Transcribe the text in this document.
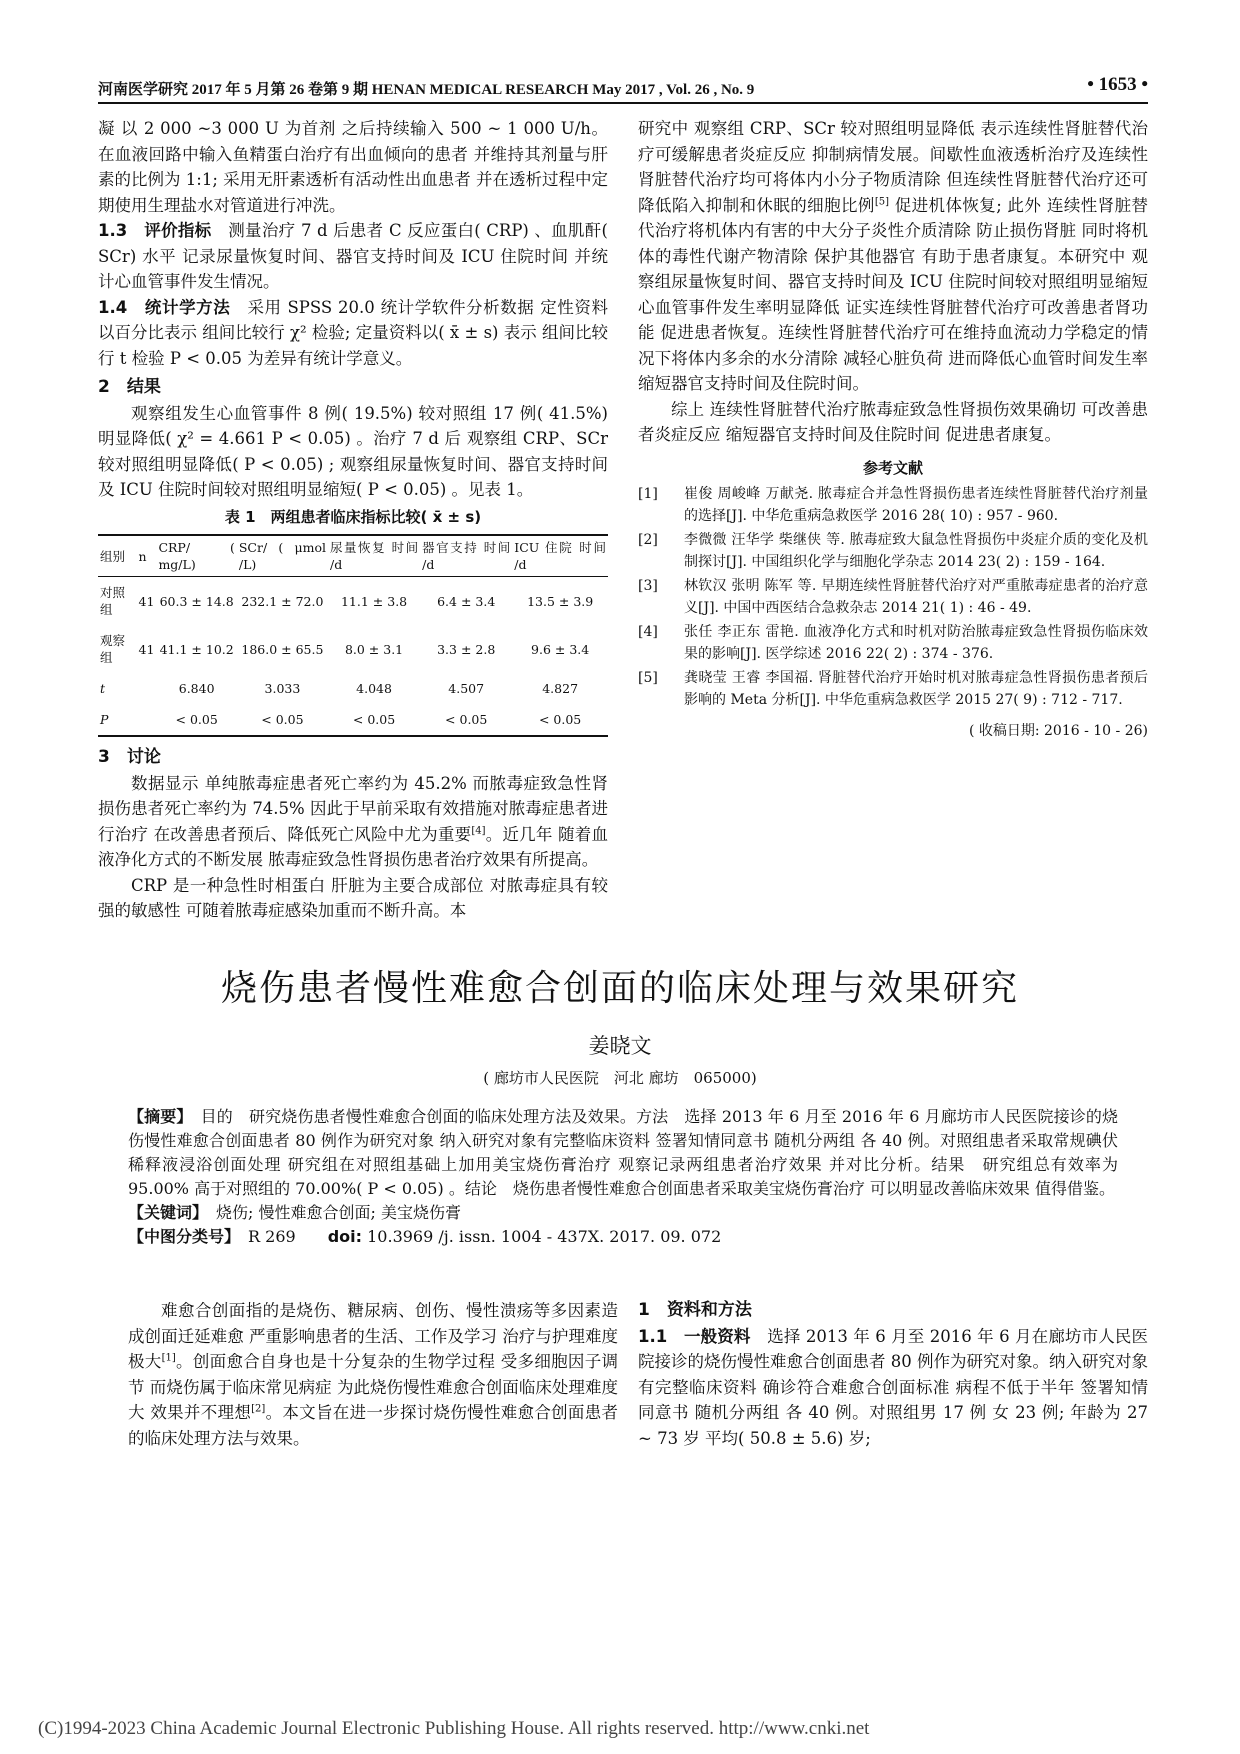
河南医学研究 2017 年 5 月第 26 卷第 9 期 HENAN MEDICAL RESEARCH May 2017 , Vol. 26 , No. 9	• 1653 •

凝 以 2 000 ~3 000 U 为首剂 之后持续输入 500 ~ 1 000 U/h。在血液回路中输入鱼精蛋白治疗有出血倾向的患者 并维持其剂量与肝素的比例为 1:1; 采用无肝素透析有活动性出血患者 并在透析过程中定期使用生理盐水对管道进行冲洗。

1.3　评价指标　测量治疗 7 d 后患者 C 反应蛋白( CRP) 、血肌酐( SCr) 水平 记录尿量恢复时间、器官支持时间及 ICU 住院时间 并统计心血管事件发生情况。

1.4　统计学方法　采用 SPSS 20.0 统计学软件分析数据 定性资料以百分比表示 组间比较行 χ² 检验; 定量资料以( x̄ ± s) 表示 组间比较行 t 检验 P < 0.05 为差异有统计学意义。

2　结果

观察组发生心血管事件 8 例( 19.5%) 较对照组 17 例( 41.5%) 明显降低( χ² = 4.661 P < 0.05) 。治疗 7 d 后 观察组 CRP、SCr 较对照组明显降低( P < 0.05) ; 观察组尿量恢复时间、器官支持时间及 ICU 住院时间较对照组明显缩短( P < 0.05) 。见表 1。

表 1　两组患者临床指标比较( x̄ ± s)
组别	n	CRP/ ( mg/L)	SCr/ ( μmol /L)	尿量恢复 时间 /d	器官支持 时间 /d	ICU 住院 时间 /d
对照组	41	60.3 ± 14.8	232.1 ± 72.0	11.1 ± 3.8	6.4 ± 3.4	13.5 ± 3.9
观察组	41	41.1 ± 10.2	186.0 ± 65.5	8.0 ± 3.1	3.3 ± 2.8	9.6 ± 3.4
t		6.840	3.033	4.048	4.507	4.827
P		< 0.05	< 0.05	< 0.05	< 0.05	< 0.05

3　讨论

数据显示 单纯脓毒症患者死亡率约为 45.2% 而脓毒症致急性肾损伤患者死亡率约为 74.5% 因此于早前采取有效措施对脓毒症患者进行治疗 在改善患者预后、降低死亡风险中尤为重要[4]。近几年 随着血液净化方式的不断发展 脓毒症致急性肾损伤患者治疗效果有所提高。

CRP 是一种急性时相蛋白 肝脏为主要合成部位 对脓毒症具有较强的敏感性 可随着脓毒症感染加重而不断升高。本

研究中 观察组 CRP、SCr 较对照组明显降低 表示连续性肾脏替代治疗可缓解患者炎症反应 抑制病情发展。间歇性血液透析治疗及连续性肾脏替代治疗均可将体内小分子物质清除 但连续性肾脏替代治疗还可降低陷入抑制和休眠的细胞比例[5] 促进机体恢复; 此外 连续性肾脏替代治疗将机体内有害的中大分子炎性介质清除 防止损伤肾脏 同时将机体的毒性代谢产物清除 保护其他器官 有助于患者康复。本研究中 观察组尿量恢复时间、器官支持时间及 ICU 住院时间较对照组明显缩短 心血管事件发生率明显降低 证实连续性肾脏替代治疗可改善患者肾功能 促进患者恢复。连续性肾脏替代治疗可在维持血流动力学稳定的情况下将体内多余的水分清除 减轻心脏负荷 进而降低心血管时间发生率 缩短器官支持时间及住院时间。

综上 连续性肾脏替代治疗脓毒症致急性肾损伤效果确切 可改善患者炎症反应 缩短器官支持时间及住院时间 促进患者康复。

参考文献
[1] 崔俊 周峻峰 万献尧. 脓毒症合并急性肾损伤患者连续性肾脏替代治疗剂量的选择[J]. 中华危重病急救医学 2016 28( 10) : 957 - 960.
[2] 李微微 汪华学 柴继侠 等. 脓毒症致大鼠急性肾损伤中炎症介质的变化及机制探讨[J]. 中国组织化学与细胞化学杂志 2014 23( 2) : 159 - 164.
[3] 林钦汉 张明 陈军 等. 早期连续性肾脏替代治疗对严重脓毒症患者的治疗意义[J]. 中国中西医结合急救杂志 2014 21( 1) : 46 - 49.
[4] 张任 李正东 雷艳. 血液净化方式和时机对防治脓毒症致急性肾损伤临床效果的影响[J]. 医学综述 2016 22( 2) : 374 - 376.
[5] 龚晓莹 王睿 李国福. 肾脏替代治疗开始时机对脓毒症急性肾损伤患者预后影响的 Meta 分析[J]. 中华危重病急救医学 2015 27( 9) : 712 - 717.
( 收稿日期: 2016 - 10 - 26)
烧伤患者慢性难愈合创面的临床处理与效果研究
姜晓文
( 廊坊市人民医院　河北 廊坊　065000)

【摘要】　 目的　研究烧伤患者慢性难愈合创面的临床处理方法及效果。方法　选择 2013 年 6 月至 2016 年 6 月廊坊市人民医院接诊的烧伤慢性难愈合创面患者 80 例作为研究对象 纳入研究对象有完整临床资料 签署知情同意书 随机分两组 各 40 例。对照组患者采取常规碘伏稀释液浸浴创面处理 研究组在对照组基础上加用美宝烧伤膏治疗 观察记录两组患者治疗效果 并对比分析。结果　研究组总有效率为 95.00% 高于对照组的 70.00%( P < 0.05) 。结论　烧伤患者慢性难愈合创面患者采取美宝烧伤膏治疗 可以明显改善临床效果 值得借鉴。

【关键词】　烧伤; 慢性难愈合创面; 美宝烧伤膏

【中图分类号】　R 269　　doi: 10.3969 /j. issn. 1004 - 437X. 2017. 09. 072

难愈合创面指的是烧伤、糖尿病、创伤、慢性溃疡等多因素造成创面迁延难愈 严重影响患者的生活、工作及学习 治疗与护理难度极大[1]。创面愈合自身也是十分复杂的生物学过程 受多细胞因子调节 而烧伤属于临床常见病症 为此烧伤慢性难愈合创面临床处理难度大 效果并不理想[2]。本文旨在进一步探讨烧伤慢性难愈合创面患者的临床处理方法与效果。

1　资料和方法

1.1　一般资料　选择 2013 年 6 月至 2016 年 6 月在廊坊市人民医院接诊的烧伤慢性难愈合创面患者 80 例作为研究对象。纳入研究对象有完整临床资料 确诊符合难愈合创面标准 病程不低于半年 签署知情同意书 随机分两组 各 40 例。对照组男 17 例 女 23 例; 年龄为 27 ~ 73 岁 平均( 50.8 ± 5.6) 岁;

(C)1994-2023 China Academic Journal Electronic Publishing House. All rights reserved. http://www.cnki.net
